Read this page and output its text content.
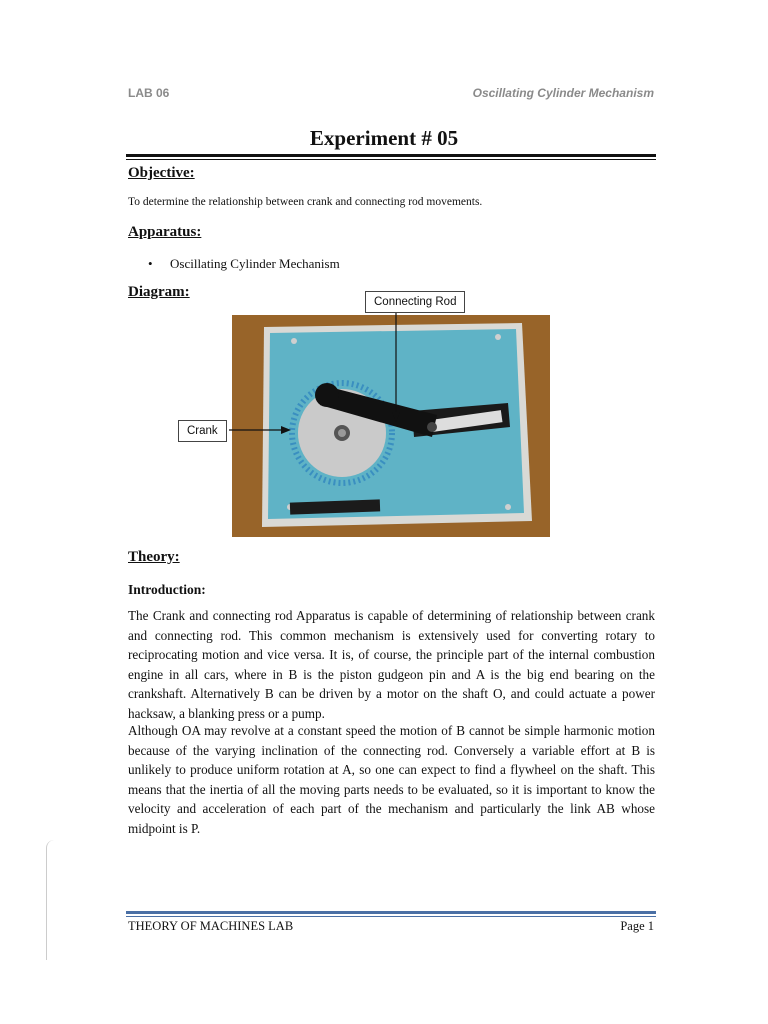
LAB 06	Oscillating Cylinder Mechanism
Experiment # 05
Objective:
To determine the relationship between crank and connecting rod movements.
Apparatus:
• Oscillating Cylinder Mechanism
Diagram:
Connecting Rod
Crank
Theory:
Introduction:
The Crank and connecting rod Apparatus is capable of determining of relationship between crank and connecting rod. This common mechanism is extensively used for converting rotary to reciprocating motion and vice versa. It is, of course, the principle part of the internal combustion engine in all cars, where in B is the piston gudgeon pin and A is the big end bearing on the crankshaft. Alternatively B can be driven by a motor on the shaft O, and could actuate a power hacksaw, a blanking press or a pump.
Although OA may revolve at a constant speed the motion of B cannot be simple harmonic motion because of the varying inclination of the connecting rod. Conversely a variable effort at B is unlikely to produce uniform rotation at A, so one can expect to find a flywheel on the shaft. This means that the inertia of all the moving parts needs to be evaluated, so it is important to know the velocity and acceleration of each part of the mechanism and particularly the link AB whose midpoint is P.
THEORY OF MACHINES LAB	Page 1
